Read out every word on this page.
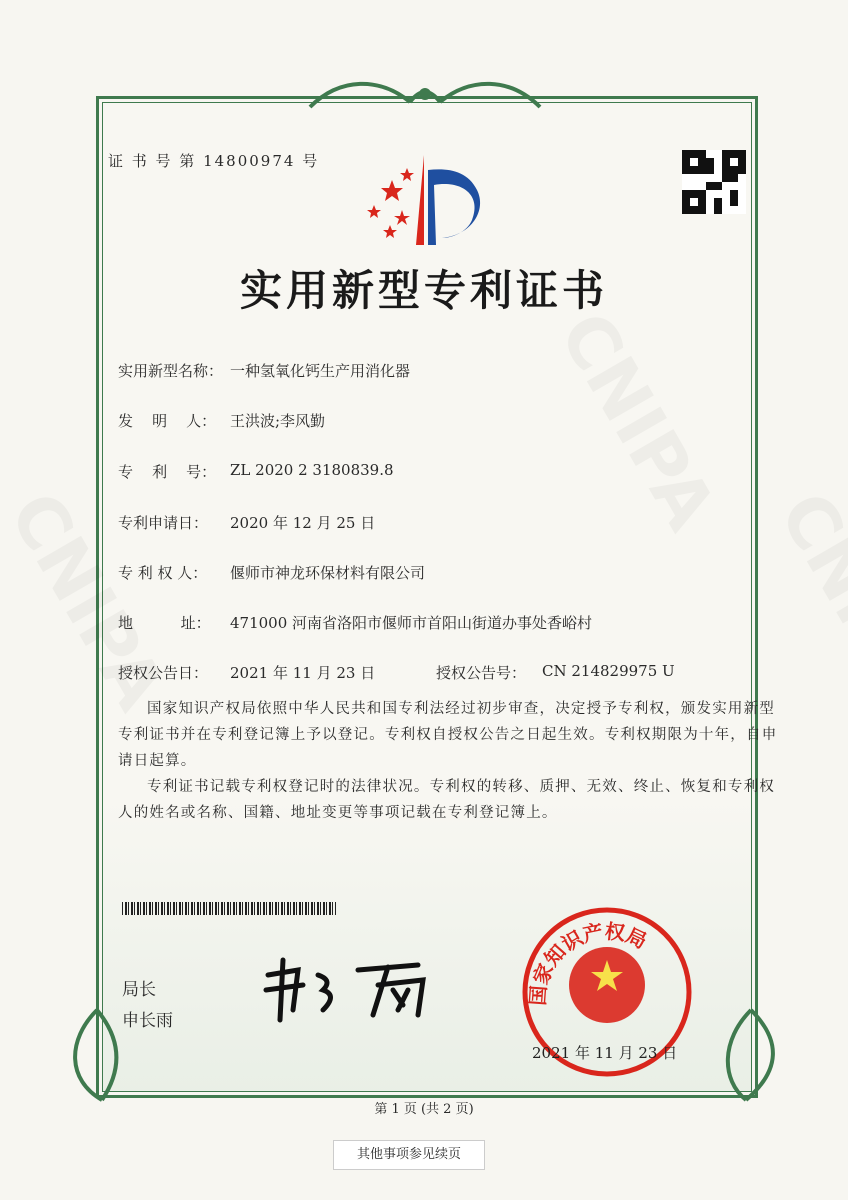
证 书 号 第 14800974 号
实用新型专利证书
实用新型名称： 一种氢氧化钙生产用消化器
发    明    人： 王洪波;李风勤
专    利    号： ZL 2020 2 3180839.8
专利申请日：	2020 年 12 月 25 日
专 利 权 人：	偃师市神龙环保材料有限公司
地          址：	471000 河南省洛阳市偃师市首阳山街道办事处香峪村
授权公告日：	2021 年 11 月 23 日	授权公告号：	CN 214829975 U

国家知识产权局依照中华人民共和国专利法经过初步审查，决定授予专利权，颁发实用新型专利证书并在专利登记簿上予以登记。专利权自授权公告之日起生效。专利权期限为十年，自申请日起算。

专利证书记载专利权登记时的法律状况。专利权的转移、质押、无效、终止、恢复和专利权人的姓名或名称、国籍、地址变更等事项记载在专利登记簿上。

局长
申长雨
国家知识产权局
2021 年 11 月 23 日
第 1 页 (共 2 页)
其他事项参见续页
